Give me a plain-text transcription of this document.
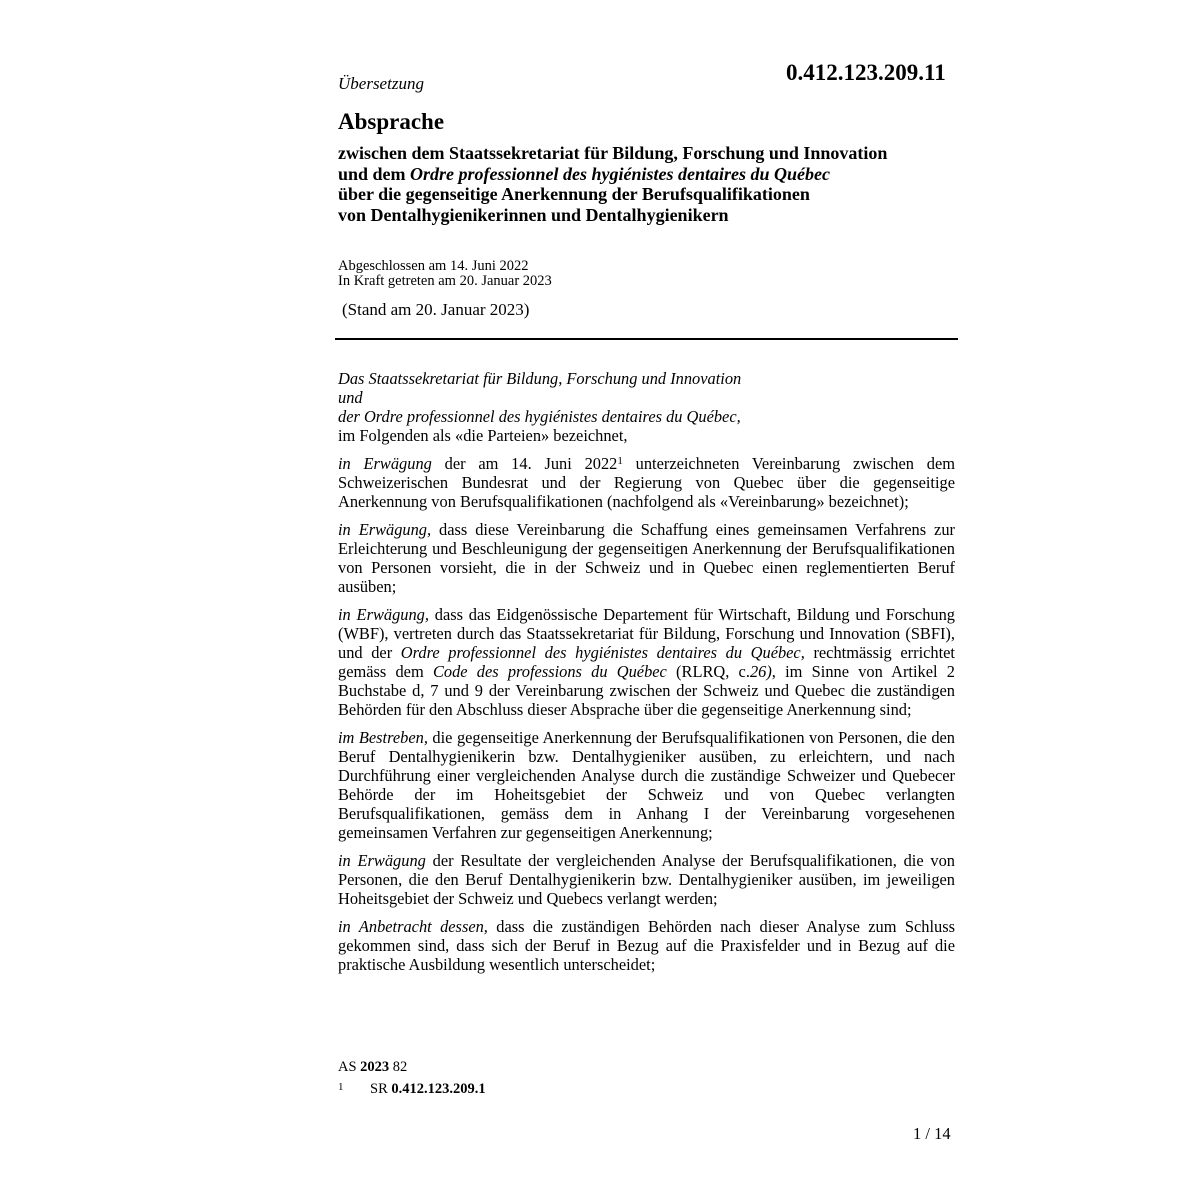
Übersetzung	0.412.123.209.11
Absprache
zwischen dem Staatssekretariat für Bildung, Forschung und Innovation
und dem Ordre professionnel des hygiénistes dentaires du Québec
über die gegenseitige Anerkennung der Berufsqualifikationen
von Dentalhygienikerinnen und Dentalhygienikern
Abgeschlossen am 14. Juni 2022
In Kraft getreten am 20. Januar 2023
(Stand am 20. Januar 2023)

Das Staatssekretariat für Bildung, Forschung und Innovation
und
der Ordre professionnel des hygiénistes dentaires du Québec,
im Folgenden als «die Parteien» bezeichnet,

in Erwägung der am 14. Juni 2022$^1$ unterzeichneten Vereinbarung zwischen dem Schweizerischen Bundesrat und der Regierung von Quebec über die gegenseitige Anerkennung von Berufsqualifikationen (nachfolgend als «Vereinbarung» bezeichnet);

in Erwägung, dass diese Vereinbarung die Schaffung eines gemeinsamen Verfahrens zur Erleichterung und Beschleunigung der gegenseitigen Anerkennung der Berufsqualifikationen von Personen vorsieht, die in der Schweiz und in Quebec einen reglementierten Beruf ausüben;

in Erwägung, dass das Eidgenössische Departement für Wirtschaft, Bildung und Forschung (WBF), vertreten durch das Staatssekretariat für Bildung, Forschung und Innovation (SBFI), und der Ordre professionnel des hygiénistes dentaires du Québec, rechtmässig errichtet gemäss dem Code des professions du Québec (RLRQ, c.26), im Sinne von Artikel 2 Buchstabe d, 7 und 9 der Vereinbarung zwischen der Schweiz und Quebec die zuständigen Behörden für den Abschluss dieser Absprache über die gegenseitige Anerkennung sind;

im Bestreben, die gegenseitige Anerkennung der Berufsqualifikationen von Personen, die den Beruf Dentalhygienikerin bzw. Dentalhygieniker ausüben, zu erleichtern, und nach Durchführung einer vergleichenden Analyse durch die zuständige Schweizer und Quebecer Behörde der im Hoheitsgebiet der Schweiz und von Quebec verlangten Berufsqualifikationen, gemäss dem in Anhang I der Vereinbarung vorgesehenen gemeinsamen Verfahren zur gegenseitigen Anerkennung;

in Erwägung der Resultate der vergleichenden Analyse der Berufsqualifikationen, die von Personen, die den Beruf Dentalhygienikerin bzw. Dentalhygieniker ausüben, im jeweiligen Hoheitsgebiet der Schweiz und Quebecs verlangt werden;

in Anbetracht dessen, dass die zuständigen Behörden nach dieser Analyse zum Schluss gekommen sind, dass sich der Beruf in Bezug auf die Praxisfelder und in Bezug auf die praktische Ausbildung wesentlich unterscheidet;

AS 2023 82
1 SR 0.412.123.209.1
1 / 14
